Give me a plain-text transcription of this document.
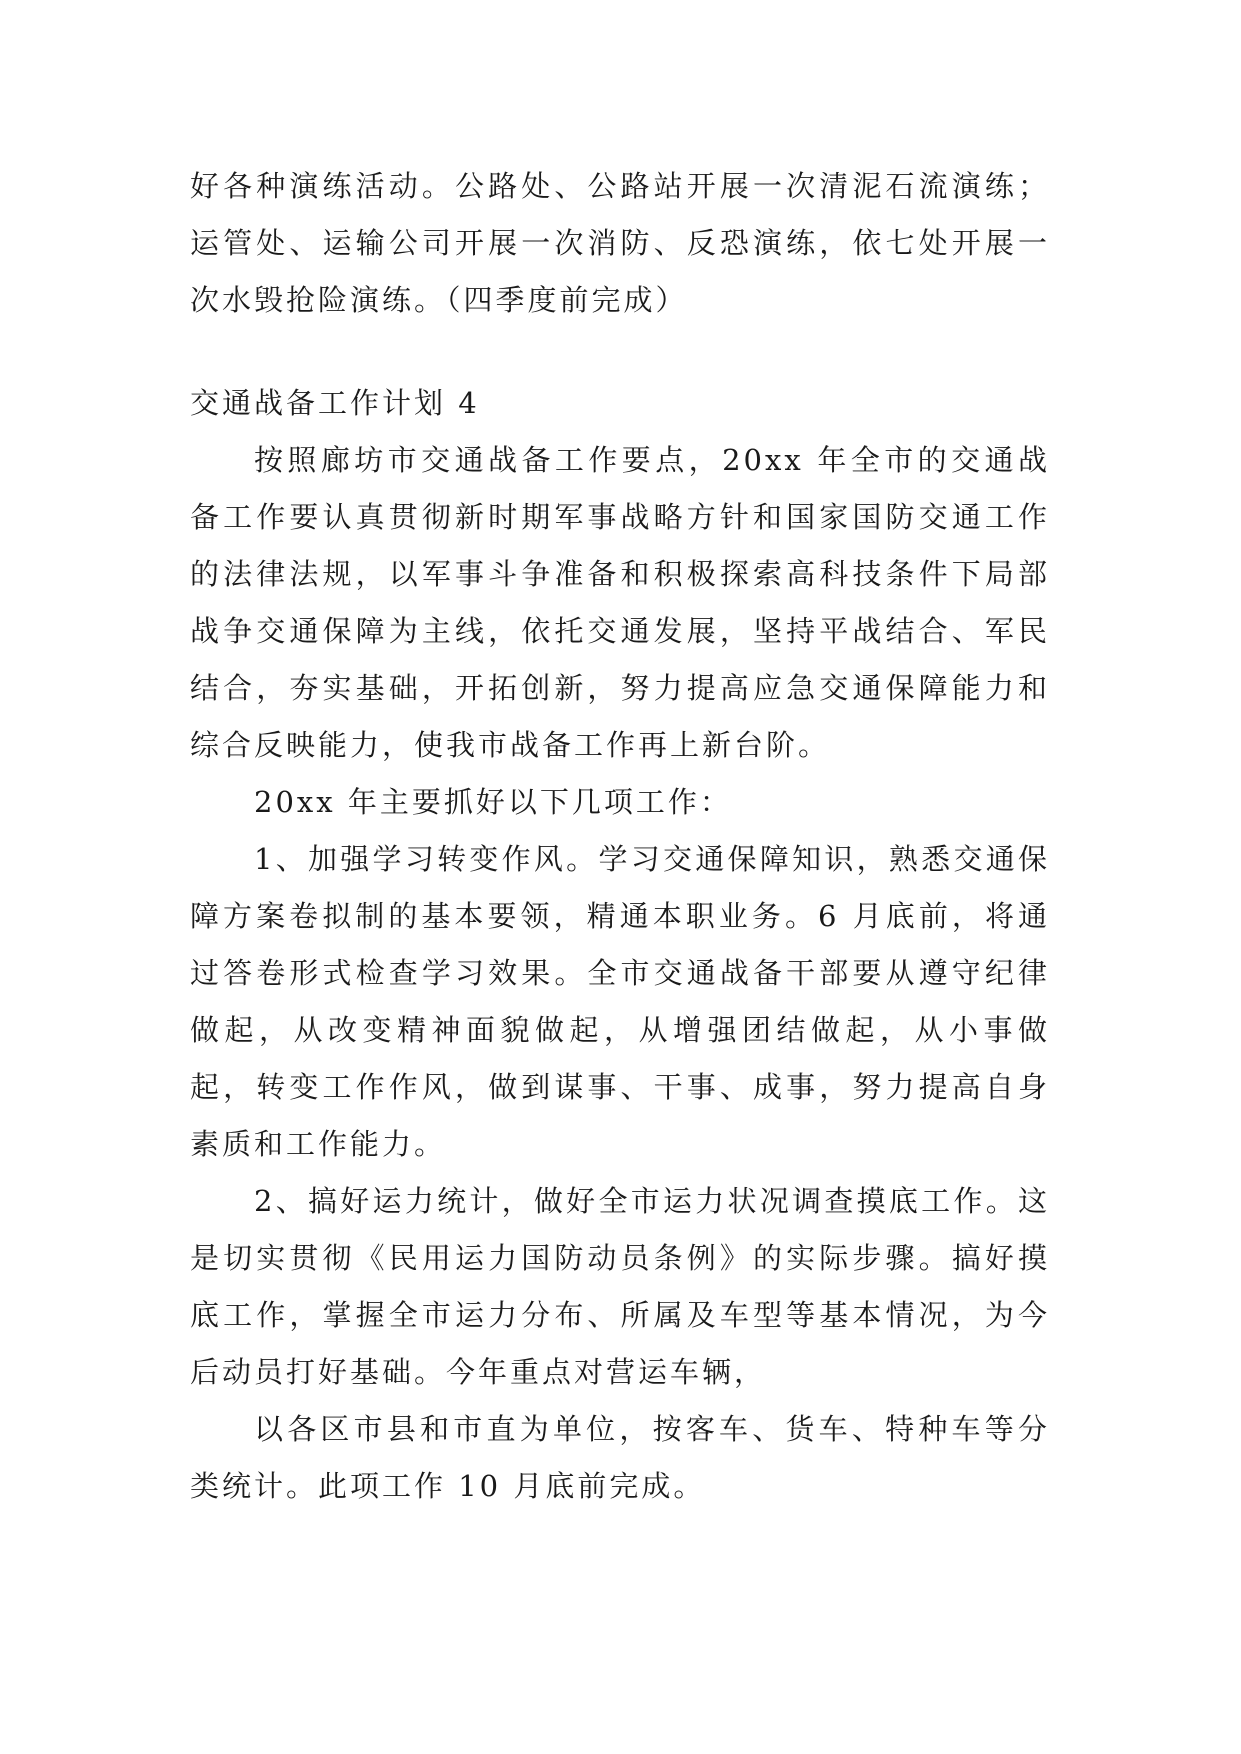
好各种演练活动。公路处、公路站开展一次清泥石流演练；运管处、运输公司开展一次消防、反恐演练，依七处开展一次水毁抢险演练。（四季度前完成）

交通战备工作计划 4

按照廊坊市交通战备工作要点，20xx 年全市的交通战备工作要认真贯彻新时期军事战略方针和国家国防交通工作的法律法规，以军事斗争准备和积极探索高科技条件下局部战争交通保障为主线，依托交通发展，坚持平战结合、军民结合，夯实基础，开拓创新，努力提高应急交通保障能力和综合反映能力，使我市战备工作再上新台阶。

20xx 年主要抓好以下几项工作：

1、加强学习转变作风。学习交通保障知识，熟悉交通保障方案卷拟制的基本要领，精通本职业务。6 月底前，将通过答卷形式检查学习效果。全市交通战备干部要从遵守纪律做起，从改变精神面貌做起，从增强团结做起，从小事做起，转变工作作风，做到谋事、干事、成事，努力提高自身素质和工作能力。

2、搞好运力统计，做好全市运力状况调查摸底工作。这是切实贯彻《民用运力国防动员条例》的实际步骤。搞好摸底工作，掌握全市运力分布、所属及车型等基本情况，为今后动员打好基础。今年重点对营运车辆，

以各区市县和市直为单位，按客车、货车、特种车等分类统计。此项工作 10 月底前完成。
